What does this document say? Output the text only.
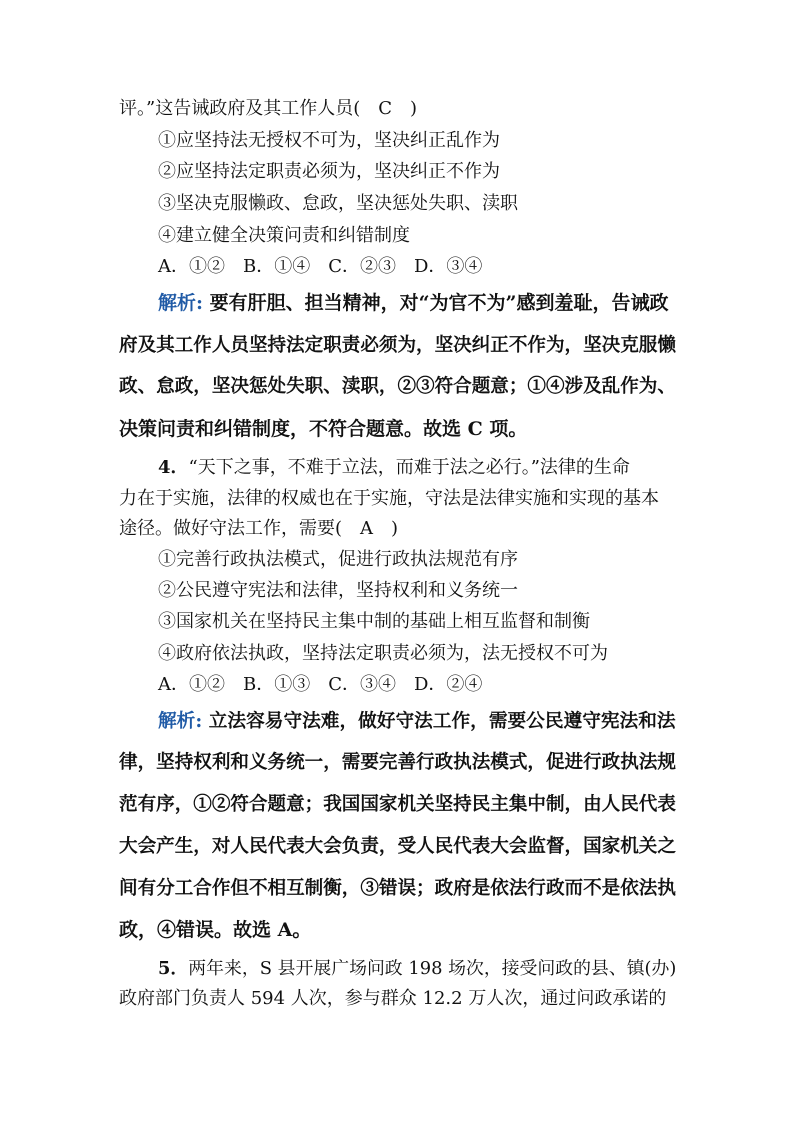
评。”这告诫政府及其工作人员(　C　)
①应坚持法无授权不可为，坚决纠正乱作为
②应坚持法定职责必须为，坚决纠正不作为
③坚决克服懒政、怠政，坚决惩处失职、渎职
④建立健全决策问责和纠错制度
A．①②　B．①④　C．②③　D．③④
解析: 要有肝胆、担当精神，对“为官不为”感到羞耻，告诫政
府及其工作人员坚持法定职责必须为，坚决纠正不作为，坚决克服懒
政、怠政，坚决惩处失职、渎职，②③符合题意；①④涉及乱作为、
决策问责和纠错制度，不符合题意。故选 C 项。
4．“天下之事，不难于立法，而难于法之必行。”法律的生命
力在于实施，法律的权威也在于实施，守法是法律实施和实现的基本
途径。做好守法工作，需要(　A　)
①完善行政执法模式，促进行政执法规范有序
②公民遵守宪法和法律，坚持权利和义务统一
③国家机关在坚持民主集中制的基础上相互监督和制衡
④政府依法执政，坚持法定职责必须为，法无授权不可为
A．①②　B．①③　C．③④　D．②④
解析: 立法容易守法难，做好守法工作，需要公民遵守宪法和法
律，坚持权利和义务统一，需要完善行政执法模式，促进行政执法规
范有序，①②符合题意；我国国家机关坚持民主集中制，由人民代表
大会产生，对人民代表大会负责，受人民代表大会监督，国家机关之
间有分工合作但不相互制衡，③错误；政府是依法行政而不是依法执
政，④错误。故选 A。
5．两年来，S 县开展广场问政 198 场次，接受问政的县、镇(办)
政府部门负责人 594 人次，参与群众 12.2 万人次，通过问政承诺的
